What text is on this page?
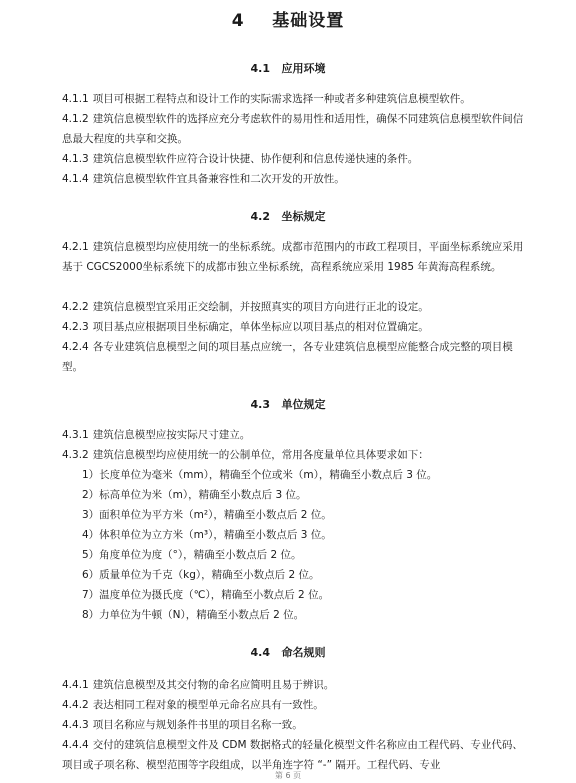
4 基础设置
4.1 应用环境
4.1.1 项目可根据工程特点和设计工作的实际需求选择一种或者多种建筑信息模型软件。
4.1.2 建筑信息模型软件的选择应充分考虑软件的易用性和适用性，确保不同建筑信息模型软件间信息最大程度的共享和交换。
4.1.3 建筑信息模型软件应符合设计快捷、协作便利和信息传递快速的条件。
4.1.4 建筑信息模型软件宜具备兼容性和二次开发的开放性。
4.2 坐标规定
4.2.1 建筑信息模型均应使用统一的坐标系统。成都市范围内的市政工程项目，平面坐标系统应采用基于 CGCS2000坐标系统下的成都市独立坐标系统，高程系统应采用 1985 年黄海高程系统。
4.2.2 建筑信息模型宜采用正交绘制，并按照真实的项目方向进行正北的设定。
4.2.3 项目基点应根据项目坐标确定，单体坐标应以项目基点的相对位置确定。
4.2.4 各专业建筑信息模型之间的项目基点应统一，各专业建筑信息模型应能整合成完整的项目模型。
4.3 单位规定
4.3.1 建筑信息模型应按实际尺寸建立。
4.3.2 建筑信息模型均应使用统一的公制单位，常用各度量单位具体要求如下：
1）长度单位为毫米（mm），精确至个位或米（m），精确至小数点后 3 位。
2）标高单位为米（m），精确至小数点后 3 位。
3）面积单位为平方米（m²），精确至小数点后 2 位。
4）体积单位为立方米（m³），精确至小数点后 3 位。
5）角度单位为度（°），精确至小数点后 2 位。
6）质量单位为千克（kg），精确至小数点后 2 位。
7）温度单位为摄氏度（℃），精确至小数点后 2 位。
8）力单位为牛顿（N），精确至小数点后 2 位。
4.4 命名规则
4.4.1 建筑信息模型及其交付物的命名应简明且易于辨识。
4.4.2 表达相同工程对象的模型单元命名应具有一致性。
4.4.3 项目名称应与规划条件书里的项目名称一致。
4.4.4 交付的建筑信息模型文件及 CDM 数据格式的轻量化模型文件名称应由工程代码、专业代码、项目或子项名称、模型范围等字段组成，以半角连字符 “-” 隔开。工程代码、专业
第 6 页
